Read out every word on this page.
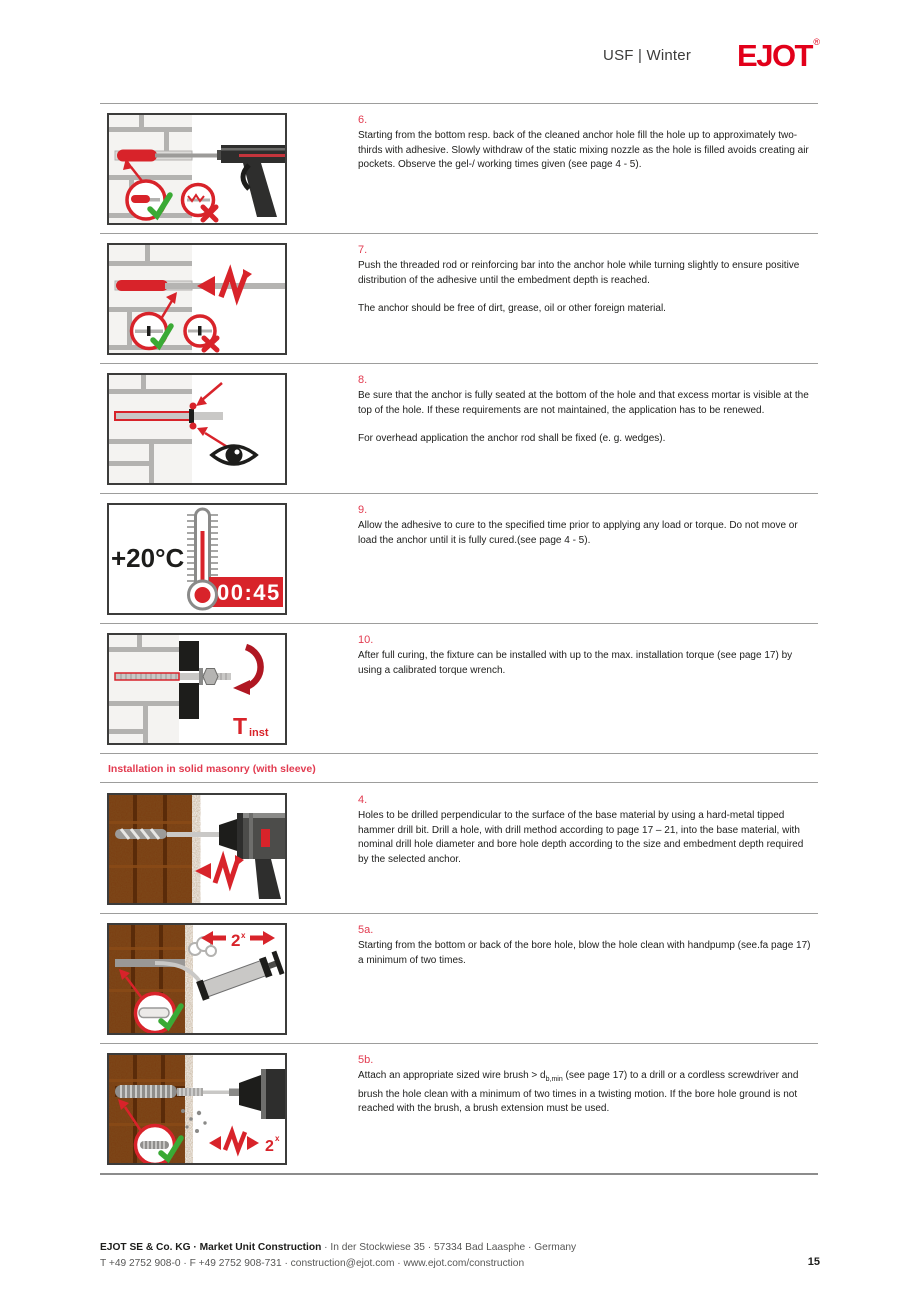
USF | Winter EJOT ®

6.

Starting from the bottom resp. back of the cleaned anchor hole fill the hole up to approximately two-thirds with adhesive. Slowly withdraw of the static mixing nozzle as the hole is filled avoids creating air pockets. Observe the gel-/ working times given (see page 4 - 5).

7.

Push the threaded rod or reinforcing bar into the anchor hole while turning slightly to ensure positive distribution of the adhesive until the embedment depth is reached.

The anchor should be free of dirt, grease, oil or other foreign material.

8.

Be sure that the anchor is fully seated at the bottom of the hole and that excess mortar is visible at the top of the hole. If these requirements are not maintained, the application has to be renewed.

For overhead application the anchor rod shall be fixed (e. g. wedges).

+20°C
00:45

9.

Allow the adhesive to cure to the specified time prior to applying any load or torque. Do not move or load the anchor until it is fully cured.(see page 4 - 5).

T inst

10.

After full curing, the fixture can be installed with up to the max. installation torque (see page 17) by using a calibrated torque wrench.

Installation in solid masonry (with sleeve)

4.

Holes to be drilled perpendicular to the surface of the base material by using a hard-metal tipped hammer drill bit. Drill a hole, with drill method according to page 17 – 21, into the base material, with nominal drill hole diameter and bore hole depth according to the size and embedment depth required by the selected anchor.

2 x	5a.

Starting from the bottom or back of the bore hole, blow the hole clean with handpump (see.fa page 17) a minimum of two times.

2 x

5b.

Attach an appropriate sized wire brush > $d_{b,min}$ (see page 17) to a drill or a cordless screwdriver and brush the hole clean with a minimum of two times in a twisting motion. If the bore hole ground is not reached with the brush, a brush extension must be used.

EJOT SE & Co. KG · Market Unit Construction · In der Stockwiese 35 · 57334 Bad Laasphe · Germany
T +49 2752 908-0 · F +49 2752 908-731 · construction@ejot.com · www.ejot.com/construction	15
